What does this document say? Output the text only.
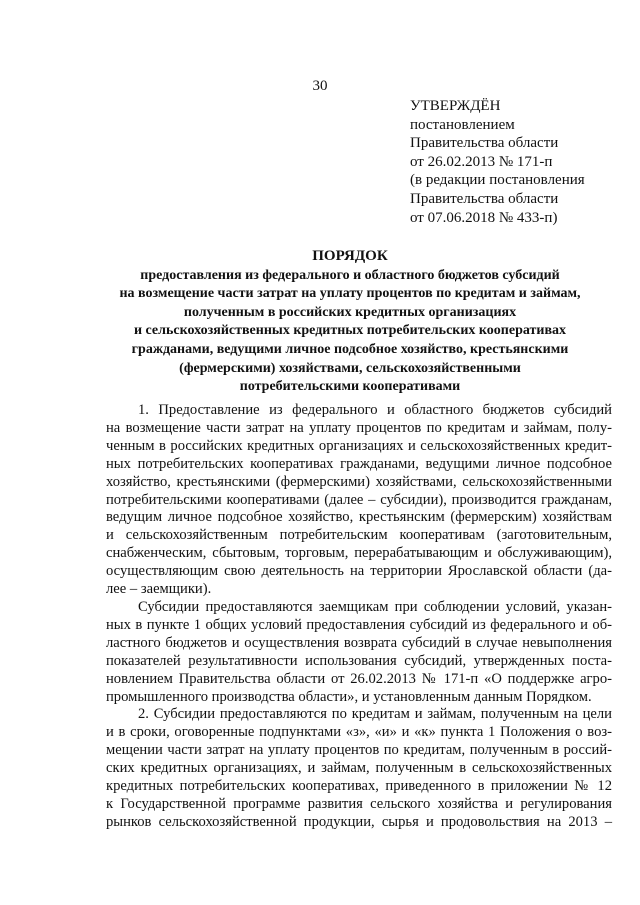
30
УТВЕРЖДЁН
постановлением
Правительства области
от 26.02.2013 № 171-п
(в редакции постановления
Правительства области
от 07.06.2018 № 433-п)
ПОРЯДОК
предоставления из федерального и областного бюджетов субсидий
на возмещение части затрат на уплату процентов по кредитам и займам,
полученным в российских кредитных организациях
и сельскохозяйственных кредитных потребительских кооперативах
гражданами, ведущими личное подсобное хозяйство, крестьянскими
(фермерскими) хозяйствами, сельскохозяйственными
потребительскими кооперативами
1. Предоставление из федерального и областного бюджетов субсидий
на возмещение части затрат на уплату процентов по кредитам и займам, полу-
ченным в российских кредитных организациях и сельскохозяйственных кредит-
ных потребительских кооперативах гражданами, ведущими личное подсобное
хозяйство, крестьянскими (фермерскими) хозяйствами, сельскохозяйственными
потребительскими кооперативами (далее – субсидии), производится гражданам,
ведущим личное подсобное хозяйство, крестьянским (фермерским) хозяйствам
и сельскохозяйственным потребительским кооперативам (заготовительным,
снабженческим, сбытовым, торговым, перерабатывающим и обслуживающим),
осуществляющим свою деятельность на территории Ярославской области (да-
лее – заемщики).
Субсидии предоставляются заемщикам при соблюдении условий, указан-
ных в пункте 1 общих условий предоставления субсидий из федерального и об-
ластного бюджетов и осуществления возврата субсидий в случае невыполнения
показателей результативности использования субсидий, утвержденных поста-
новлением Правительства области от 26.02.2013 № 171-п «О поддержке агро-
промышленного производства области», и установленным данным Порядком.
2. Субсидии предоставляются по кредитам и займам, полученным на цели
и в сроки, оговоренные подпунктами «з», «и» и «к» пункта 1 Положения о воз-
мещении части затрат на уплату процентов по кредитам, полученным в россий-
ских кредитных организациях, и займам, полученным в сельскохозяйственных
кредитных потребительских кооперативах, приведенного в приложении № 12
к Государственной программе развития сельского хозяйства и регулирования
рынков сельскохозяйственной продукции, сырья и продовольствия на 2013 –
